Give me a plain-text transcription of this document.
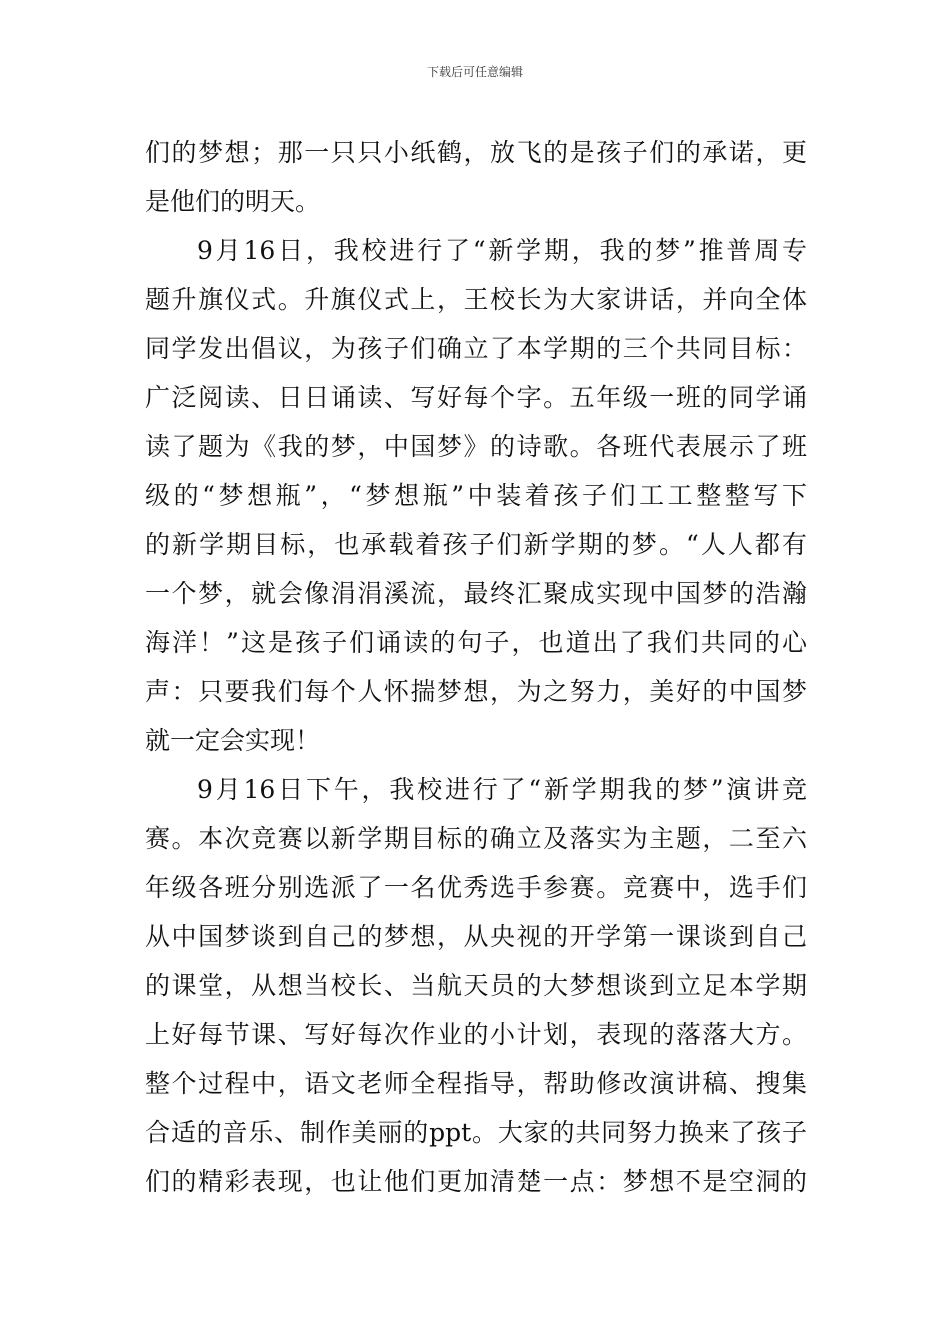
下载后可任意编辑
们的梦想；那一只只小纸鹤，放飞的是孩子们的承诺，更
是他们的明天。
9月16日，我校进行了“新学期，我的梦”推普周专
题升旗仪式。升旗仪式上，王校长为大家讲话，并向全体
同学发出倡议，为孩子们确立了本学期的三个共同目标：
广泛阅读、日日诵读、写好每个字。五年级一班的同学诵
读了题为《我的梦，中国梦》的诗歌。各班代表展示了班
级的“梦想瓶”，“梦想瓶”中装着孩子们工工整整写下
的新学期目标，也承载着孩子们新学期的梦。“人人都有
一个梦，就会像涓涓溪流，最终汇聚成实现中国梦的浩瀚
海洋！”这是孩子们诵读的句子，也道出了我们共同的心
声：只要我们每个人怀揣梦想，为之努力，美好的中国梦
就一定会实现！
9月16日下午，我校进行了“新学期我的梦”演讲竞
赛。本次竞赛以新学期目标的确立及落实为主题，二至六
年级各班分别选派了一名优秀选手参赛。竞赛中，选手们
从中国梦谈到自己的梦想，从央视的开学第一课谈到自己
的课堂，从想当校长、当航天员的大梦想谈到立足本学期
上好每节课、写好每次作业的小计划，表现的落落大方。
整个过程中，语文老师全程指导，帮助修改演讲稿、搜集
合适的音乐、制作美丽的ppt。大家的共同努力换来了孩子
们的精彩表现，也让他们更加清楚一点：梦想不是空洞的
